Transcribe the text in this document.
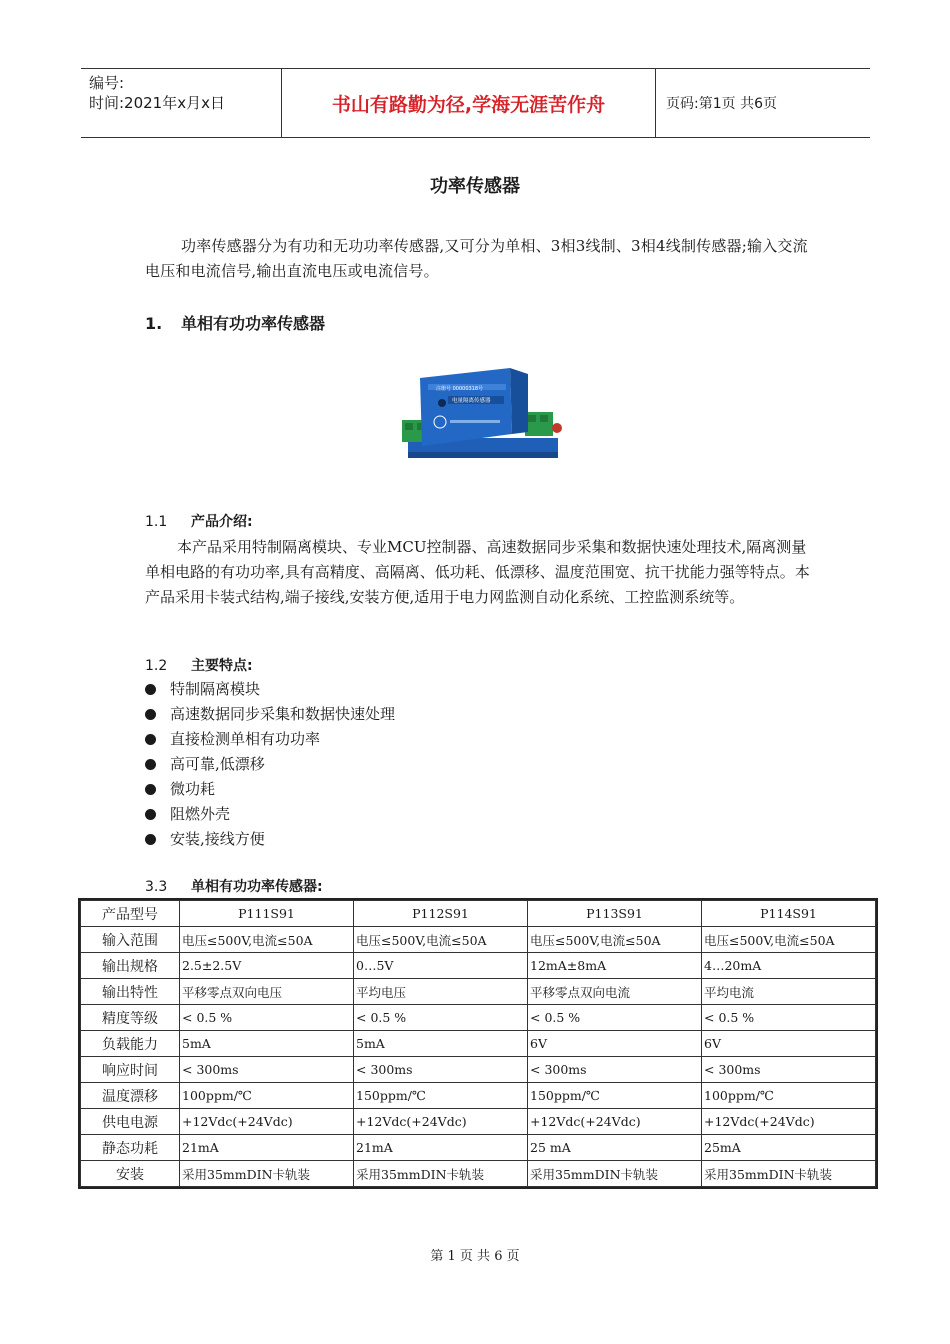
编号:
时间:2021年x月x日	书山有路勤为径,学海无涯苦作舟	页码:第1页 共6页
功率传感器
功率传感器分为有功和无功功率传感器,又可分为单相、3相3线制、3相4线制传感器;输入交流电压和电流信号,输出直流电压或电流信号。
1. 单相有功功率传感器
注册号 00000318号
电量隔离传感器
1.1 产品介绍:
本产品采用特制隔离模块、专业MCU控制器、高速数据同步采集和数据快速处理技术,隔离测量单相电路的有功功率,具有高精度、高隔离、低功耗、低漂移、温度范围宽、抗干扰能力强等特点。本产品采用卡装式结构,端子接线,安装方便,适用于电力网监测自动化系统、工控监测系统等。
1.2 主要特点:
特制隔离模块
高速数据同步采集和数据快速处理
直接检测单相有功功率
高可靠,低漂移
微功耗
阻燃外壳
安装,接线方便
3.3 单相有功功率传感器:
产品型号	P111S91	P112S91	P113S91	P114S91
输入范围	电压≤500V,电流≤50A	电压≤500V,电流≤50A	电压≤500V,电流≤50A	电压≤500V,电流≤50A
输出规格	2.5±2.5V	0…5V	12mA±8mA	4…20mA
输出特性	平移零点双向电压	平均电压	平移零点双向电流	平均电流
精度等级	< 0.5 %	< 0.5 %	< 0.5 %	< 0.5 %
负载能力	5mA	5mA	6V	6V
响应时间	< 300ms	< 300ms	< 300ms	< 300ms
温度漂移	100ppm/℃	150ppm/℃	150ppm/℃	100ppm/℃
供电电源	+12Vdc(+24Vdc)	+12Vdc(+24Vdc)	+12Vdc(+24Vdc)	+12Vdc(+24Vdc)
静态功耗	21mA	21mA	25 mA	25mA
安装	采用35mmDIN卡轨装	采用35mmDIN卡轨装	采用35mmDIN卡轨装	采用35mmDIN卡轨装
第 1 页 共 6 页
